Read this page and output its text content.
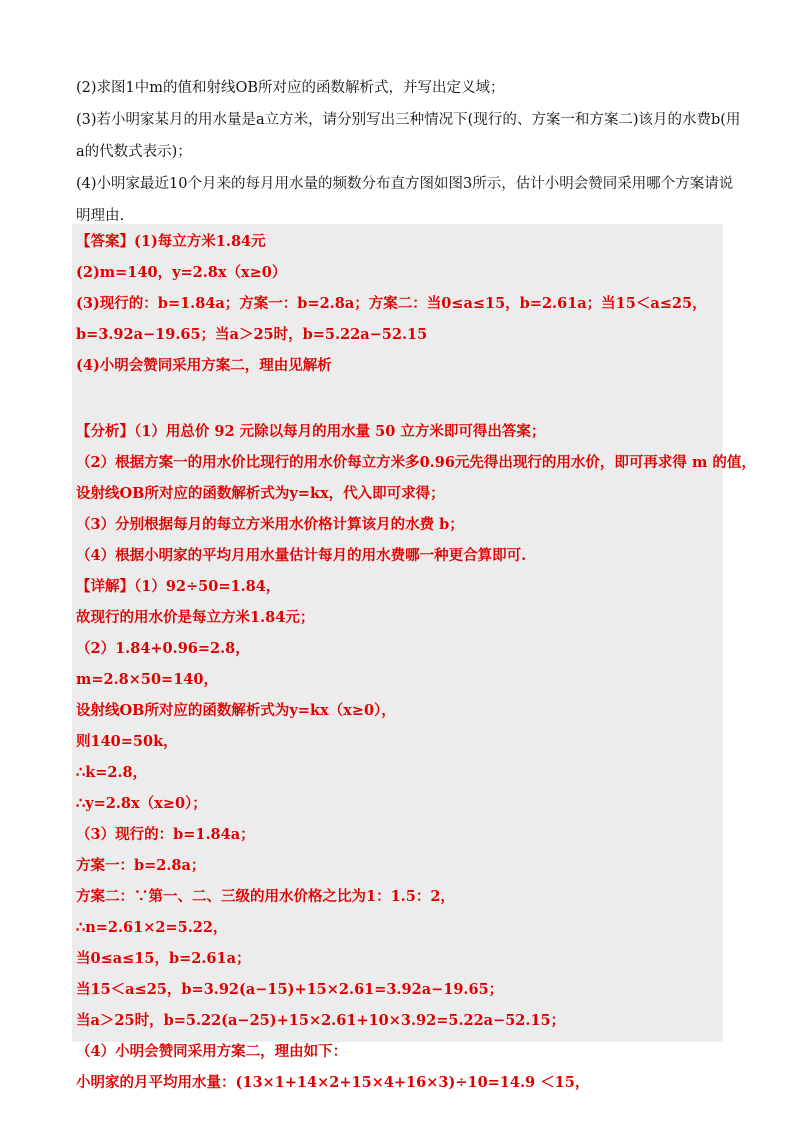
(2)求图1中m的值和射线OB所对应的函数解析式，并写出定义域；
(3)若小明家某月的用水量是a立方米，请分别写出三种情况下(现行的、方案一和方案二)该月的水费b(用
a的代数式表示)；
(4)小明家最近10个月来的每月用水量的频数分布直方图如图3所示，估计小明会赞同采用哪个方案请说
明理由.
【答案】(1)每立方米1.84元
(2)m=140，y=2.8x（x≥0）
(3)现行的：b=1.84a；方案一：b=2.8a；方案二：当0≤a≤15，b=2.61a；当15＜a≤25，
b=3.92a−19.65；当a＞25时，b=5.22a−52.15
(4)小明会赞同采用方案二，理由见解析
【分析】（1）用总价 92 元除以每月的用水量 50 立方米即可得出答案；
（2）根据方案一的用水价比现行的用水价每立方米多0.96元先得出现行的用水价，即可再求得 m 的值，
设射线OB所对应的函数解析式为y=kx，代入即可求得；
（3）分别根据每月的每立方米用水价格计算该月的水费 b；
（4）根据小明家的平均月用水量估计每月的用水费哪一种更合算即可.
【详解】（1）92÷50=1.84，
故现行的用水价是每立方米1.84元；
（2）1.84+0.96=2.8，
m=2.8×50=140，
设射线OB所对应的函数解析式为y=kx（x≥0），
则140=50k，
∴k=2.8，
∴y=2.8x（x≥0）；
（3）现行的：b=1.84a；
方案一：b=2.8a；
方案二：∵第一、二、三级的用水价格之比为1：1.5：2，
∴n=2.61×2=5.22，
当0≤a≤15，b=2.61a；
当15＜a≤25，b=3.92(a−15)+15×2.61=3.92a−19.65；
当a＞25时，b=5.22(a−25)+15×2.61+10×3.92=5.22a−52.15；
（4）小明会赞同采用方案二，理由如下：
小明家的月平均用水量：(13×1+14×2+15×4+16×3)÷10=14.9 ＜15，
